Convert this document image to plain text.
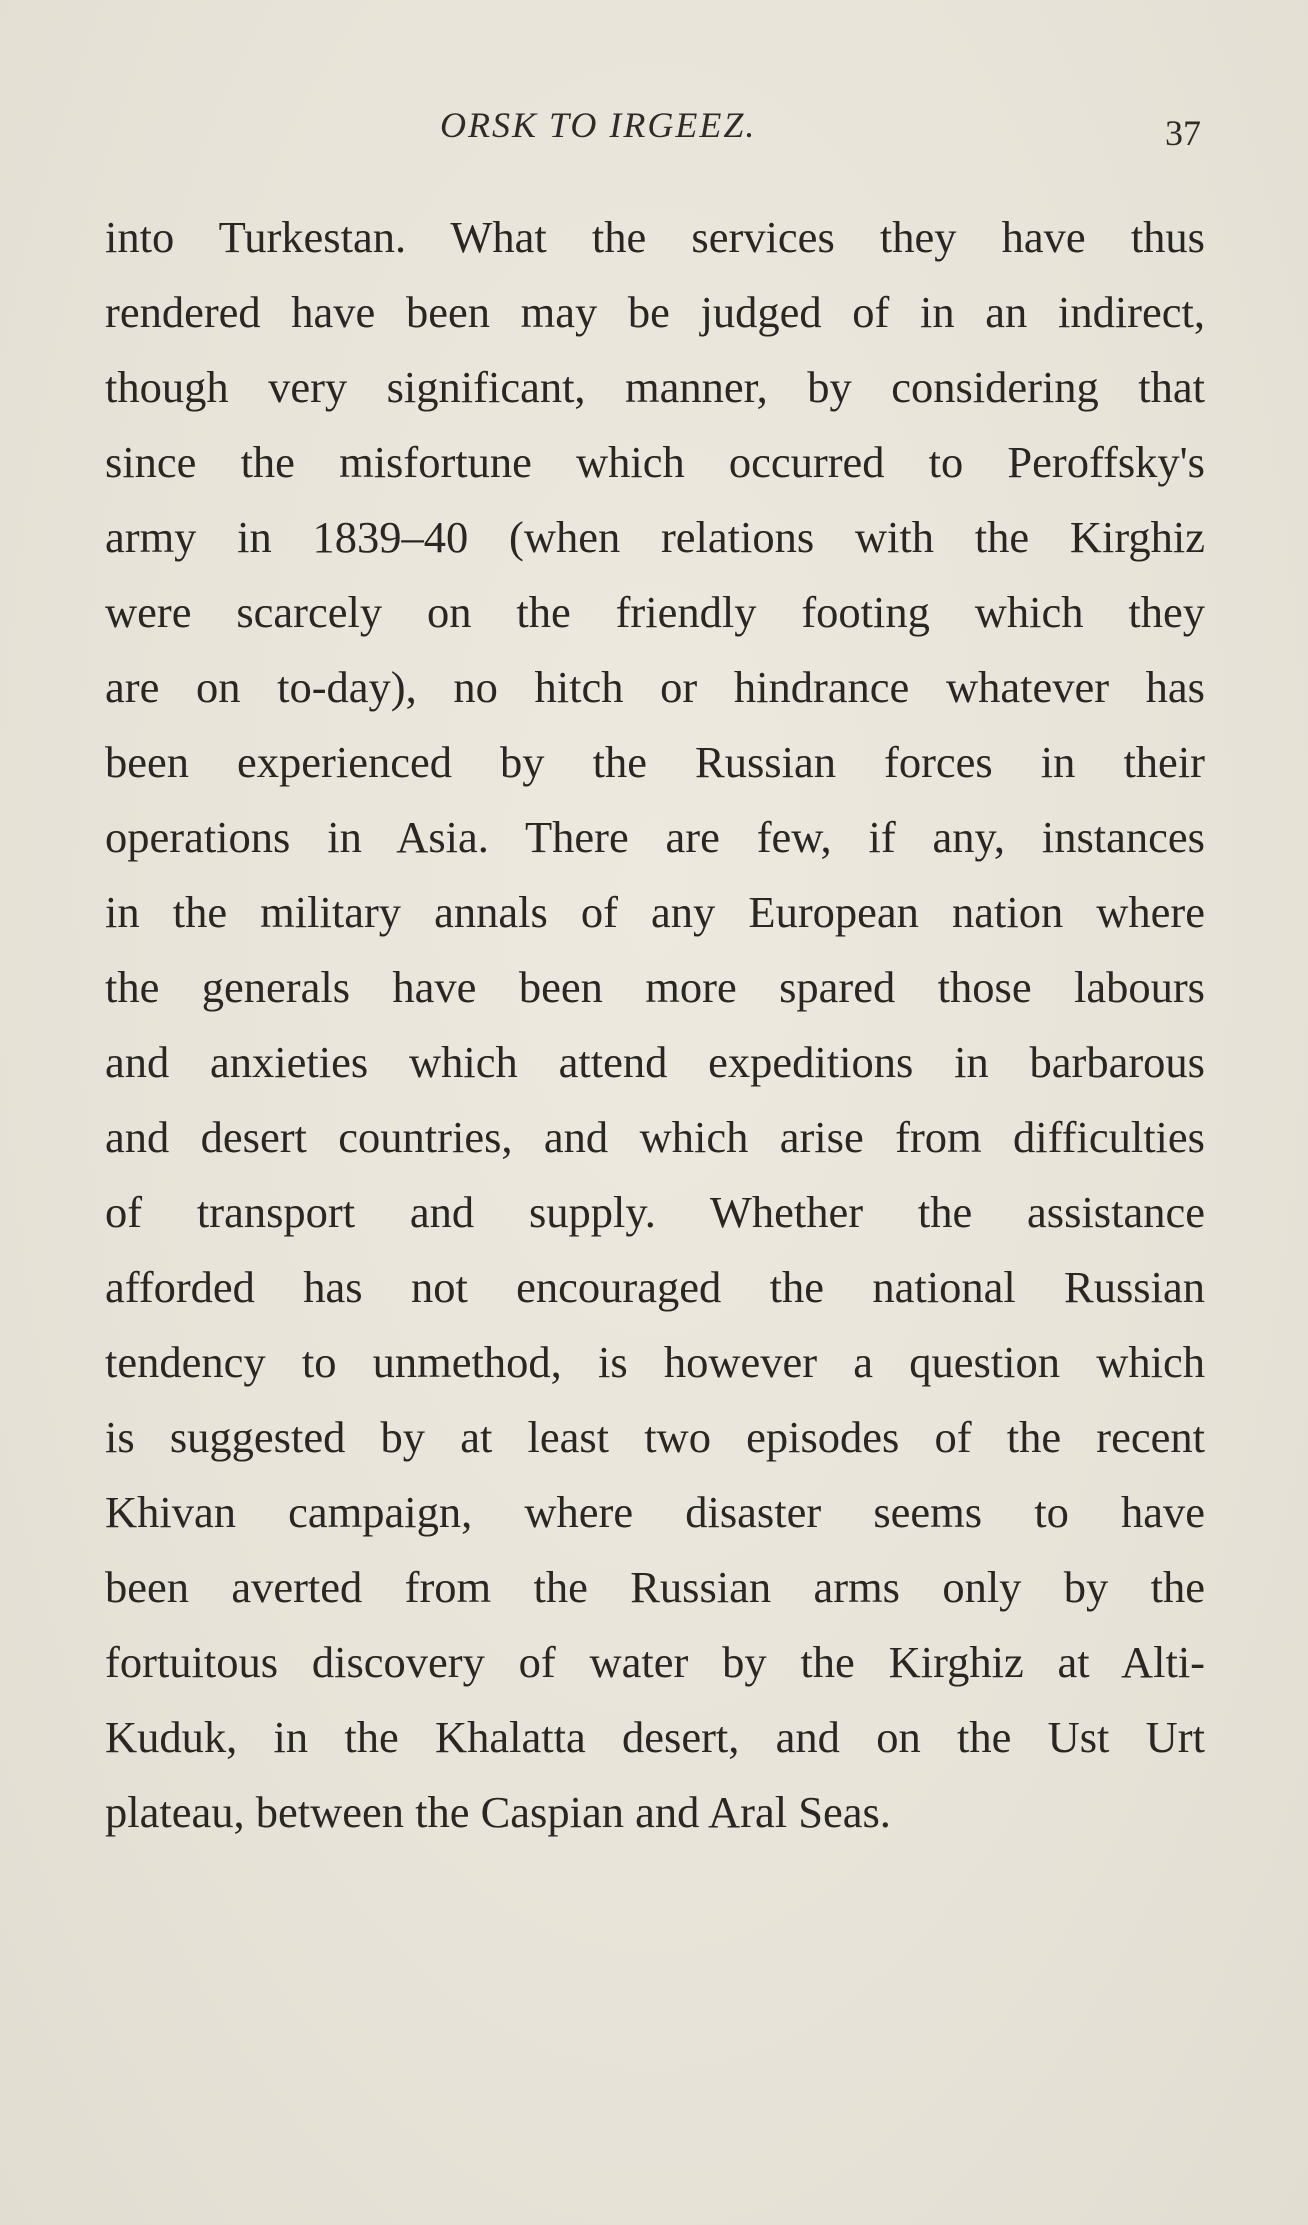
ORSK TO IRGEEZ.	37
into Turkestan. What the services they have thus
rendered have been may be judged of in an indirect,
though very significant, manner, by considering that
since the misfortune which occurred to Peroffsky's
army in 1839–40 (when relations with the Kirghiz
were scarcely on the friendly footing which they
are on to-day), no hitch or hindrance whatever has
been experienced by the Russian forces in their
operations in Asia. There are few, if any, instances
in the military annals of any European nation where
the generals have been more spared those labours
and anxieties which attend expeditions in barbarous
and desert countries, and which arise from difficulties
of transport and supply. Whether the assistance
afforded has not encouraged the national Russian
tendency to unmethod, is however a question which
is suggested by at least two episodes of the recent
Khivan campaign, where disaster seems to have
been averted from the Russian arms only by the
fortuitous discovery of water by the Kirghiz at Alti-
Kuduk, in the Khalatta desert, and on the Ust Urt
plateau, between the Caspian and Aral Seas.
